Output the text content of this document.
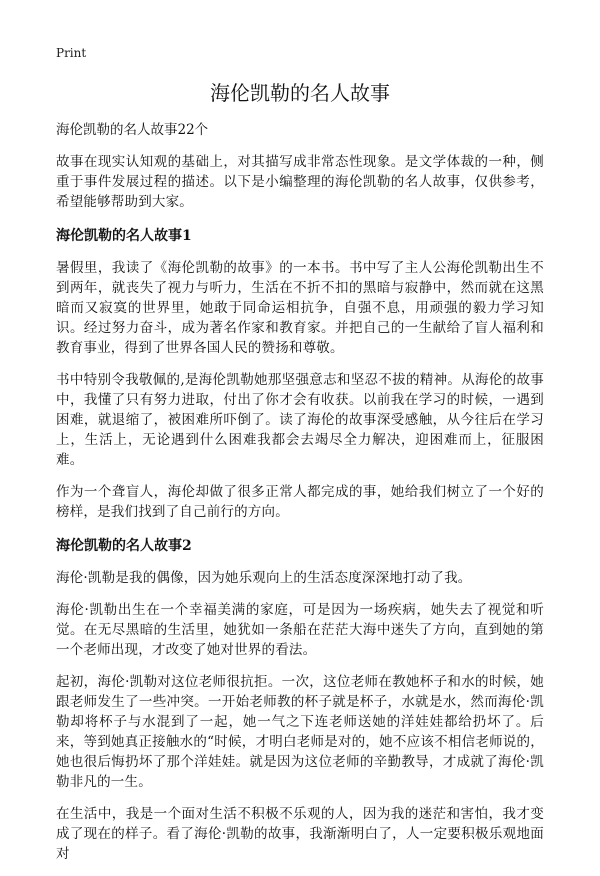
Print
海伦凯勒的名人故事
海伦凯勒的名人故事22个

故事在现实认知观的基础上，对其描写成非常态性现象。是文学体裁的一种，侧重于事件发展过程的描述。以下是小编整理的海伦凯勒的名人故事，仅供参考，希望能够帮助到大家。

海伦凯勒的名人故事1

暑假里，我读了《海伦凯勒的故事》的一本书。书中写了主人公海伦凯勒出生不到两年，就丧失了视力与听力，生活在不折不扣的黑暗与寂静中，然而就在这黑暗而又寂寞的世界里，她敢于同命运相抗争，自强不息，用顽强的毅力学习知识。经过努力奋斗，成为著名作家和教育家。并把自己的一生献给了盲人福利和教育事业，得到了世界各国人民的赞扬和尊敬。

书中特别令我敬佩的,是海伦凯勒她那坚强意志和坚忍不拔的精神。从海伦的故事中，我懂了只有努力进取，付出了你才会有收获。以前我在学习的时候，一遇到困难，就退缩了，被困难所吓倒了。读了海伦的故事深受感触，从今往后在学习上，生活上，无论遇到什么困难我都会去竭尽全力解决，迎困难而上，征服困难。

作为一个聋盲人，海伦却做了很多正常人都完成的事，她给我们树立了一个好的榜样，是我们找到了自己前行的方向。

海伦凯勒的名人故事2

海伦·凯勒是我的偶像，因为她乐观向上的生活态度深深地打动了我。

海伦·凯勒出生在一个幸福美满的家庭，可是因为一场疾病，她失去了视觉和听觉。在无尽黑暗的生活里，她犹如一条船在茫茫大海中迷失了方向，直到她的第一个老师出现，才改变了她对世界的看法。

起初，海伦·凯勒对这位老师很抗拒。一次，这位老师在教她杯子和水的时候，她跟老师发生了一些冲突。一开始老师教的杯子就是杯子，水就是水，然而海伦·凯勒却将杯子与水混到了一起，她一气之下连老师送她的洋娃娃都给扔坏了。后来，等到她真正接触水的“时候，才明白老师是对的，她不应该不相信老师说的，她也很后悔扔坏了那个洋娃娃。就是因为这位老师的辛勤教导，才成就了海伦·凯勒非凡的一生。

在生活中，我是一个面对生活不积极不乐观的人，因为我的迷茫和害怕，我才变成了现在的样子。看了海伦·凯勒的故事，我渐渐明白了，人一定要积极乐观地面对
